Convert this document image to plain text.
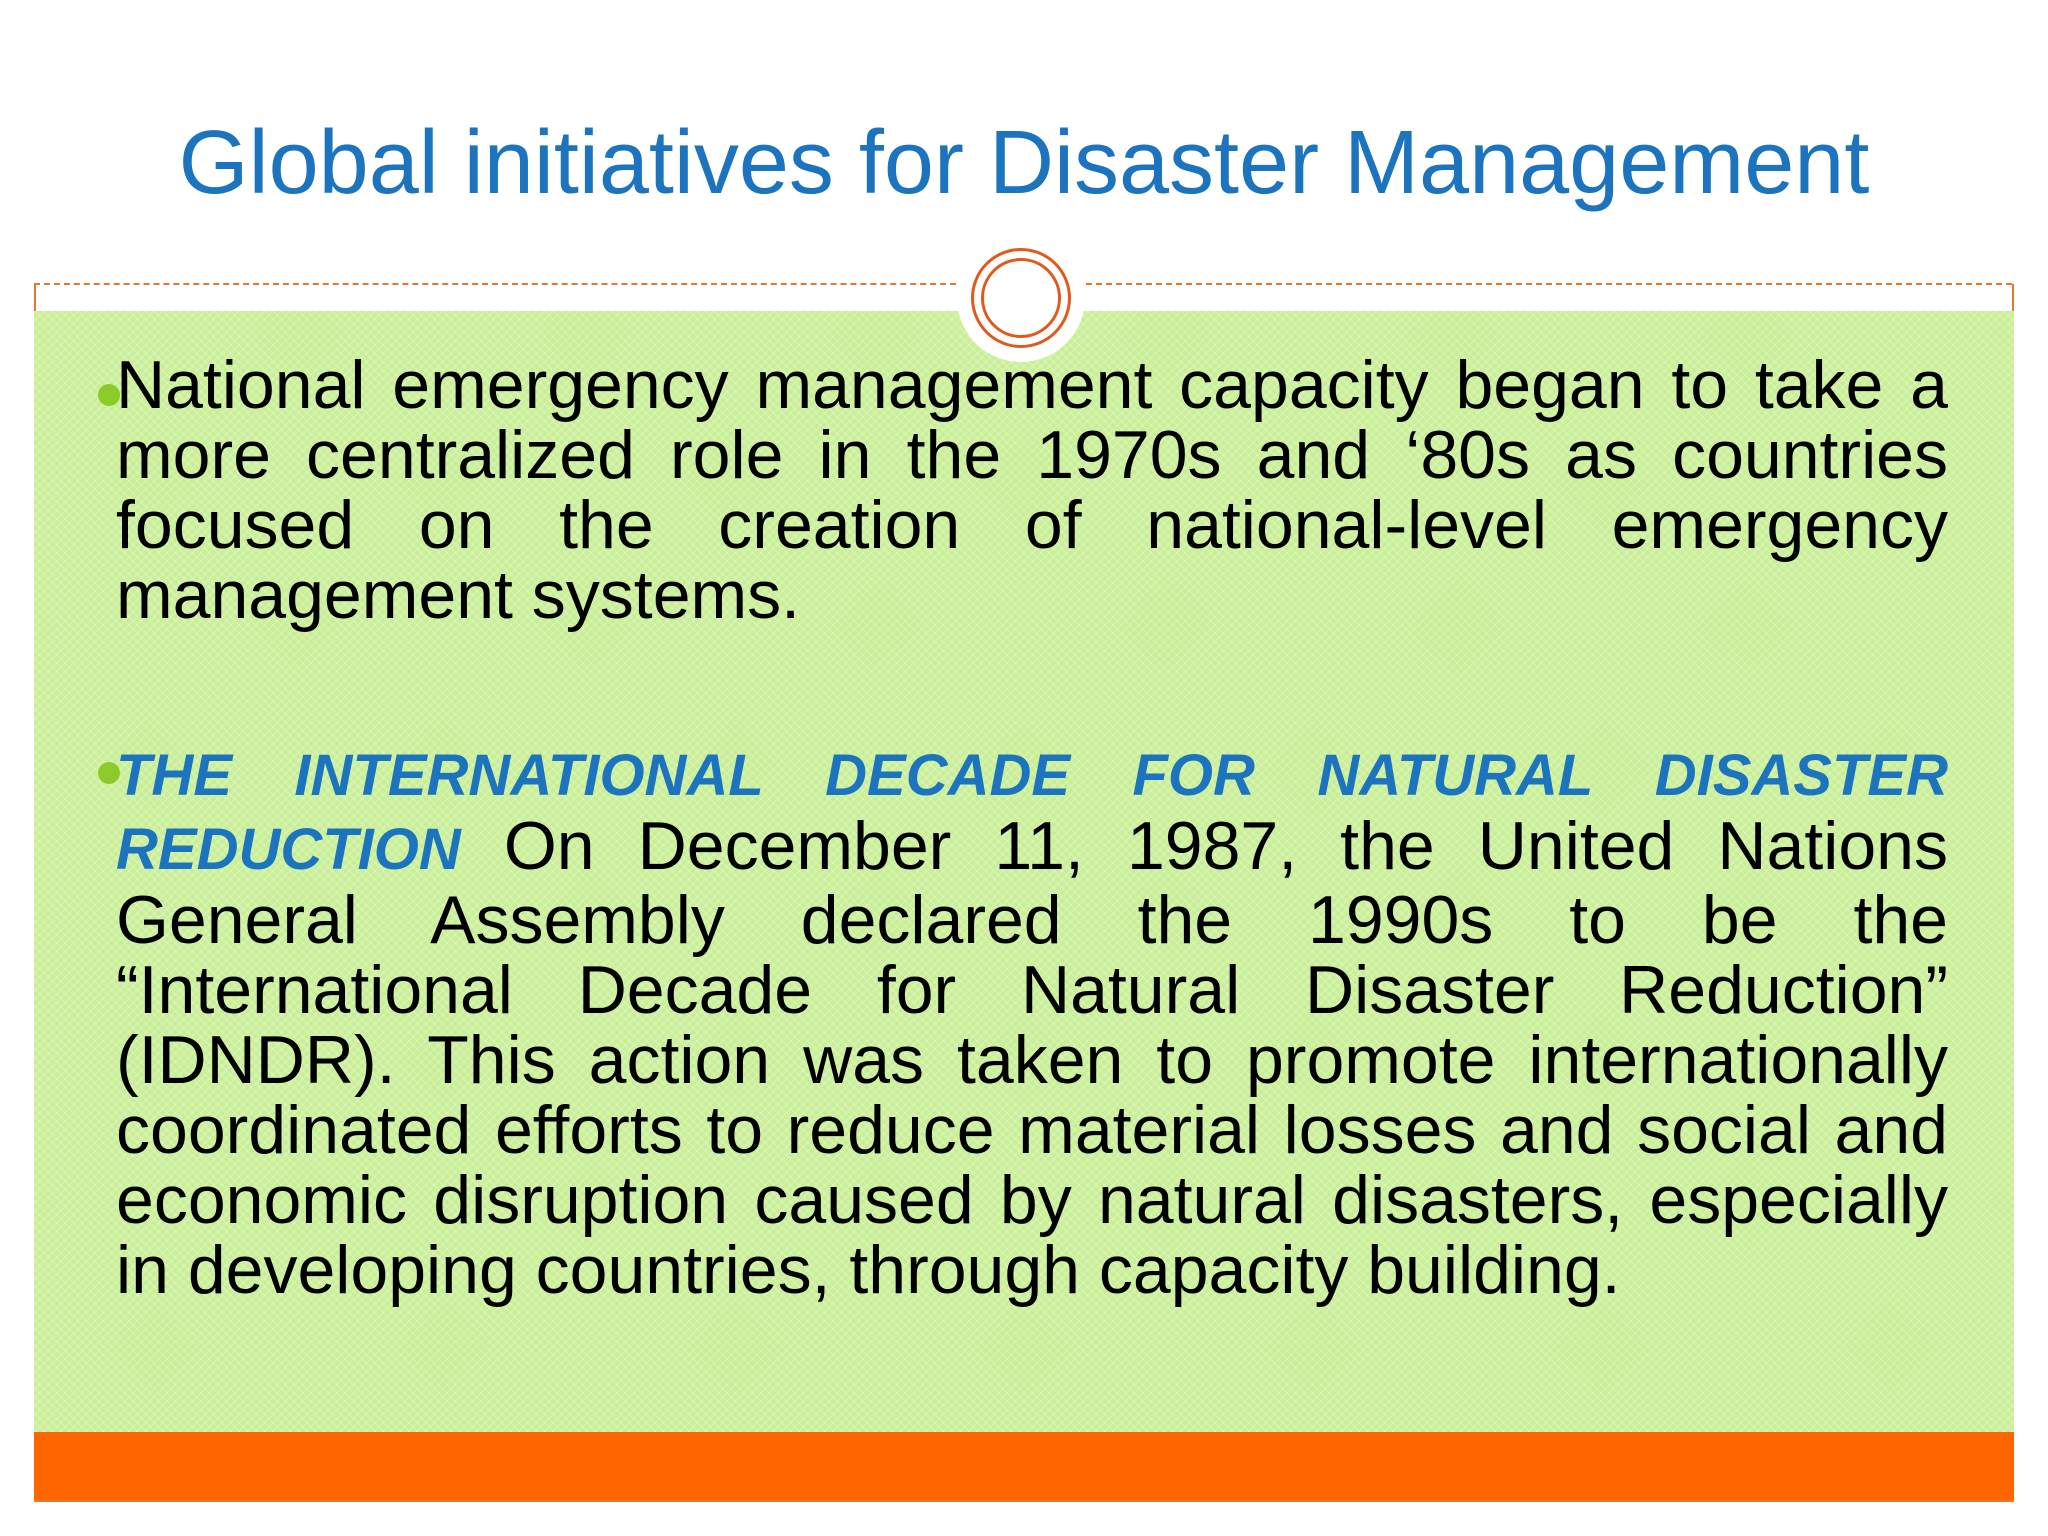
Global initiatives for Disaster Management
National emergency management capacity began to take a more centralized role in the 1970s and ‘80s as countries focused on the creation of national-level emergency management systems.
THE INTERNATIONAL DECADE FOR NATURAL DISASTER REDUCTION On December 11, 1987, the United Nations General Assembly declared the 1990s to be the “International Decade for Natural Disaster Reduction” (IDNDR). This action was taken to promote internationally coordinated efforts to reduce material losses and social and economic disruption caused by natural disasters, especially in developing countries, through capacity building.
